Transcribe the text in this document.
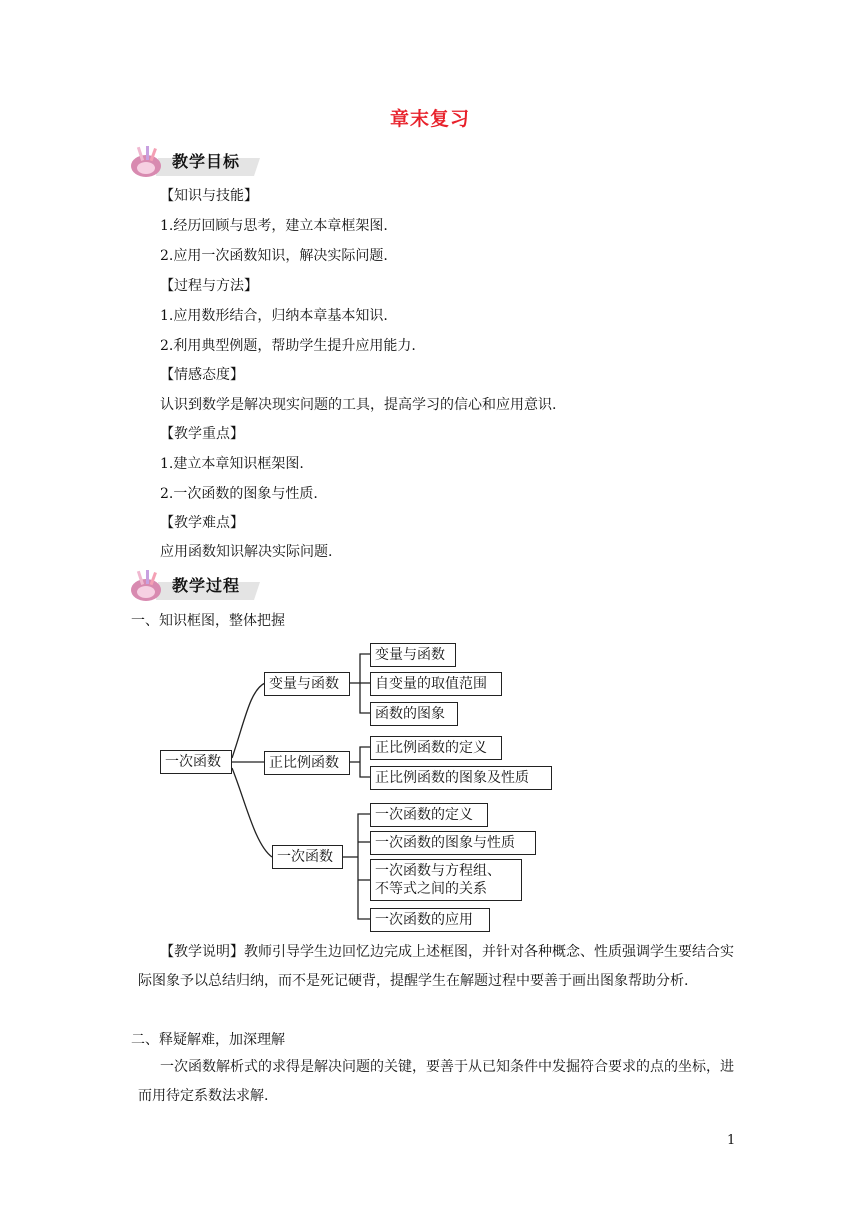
章末复习
教学目标
【知识与技能】
1.经历回顾与思考，建立本章框架图.
2.应用一次函数知识，解决实际问题.
【过程与方法】
1.应用数形结合，归纳本章基本知识.
2.利用典型例题，帮助学生提升应用能力.
【情感态度】
认识到数学是解决现实问题的工具，提高学习的信心和应用意识.
【教学重点】
1.建立本章知识框架图.
2.一次函数的图象与性质.
【教学难点】
应用函数知识解决实际问题.
教学过程
一、知识框图，整体把握
一次函数
变量与函数
正比例函数
一次函数
变量与函数
自变量的取值范围
函数的图象
正比例函数的定义
正比例函数的图象及性质
一次函数的定义
一次函数的图象与性质
一次函数与方程组、
不等式之间的关系
一次函数的应用
【教学说明】教师引导学生边回忆边完成上述框图，并针对各种概念、性质强调学生要结合实际图象予以总结归纳，而不是死记硬背，提醒学生在解题过程中要善于画出图象帮助分析.
二、释疑解难，加深理解
一次函数解析式的求得是解决问题的关键，要善于从已知条件中发掘符合要求的点的坐标，进而用待定系数法求解.
1
